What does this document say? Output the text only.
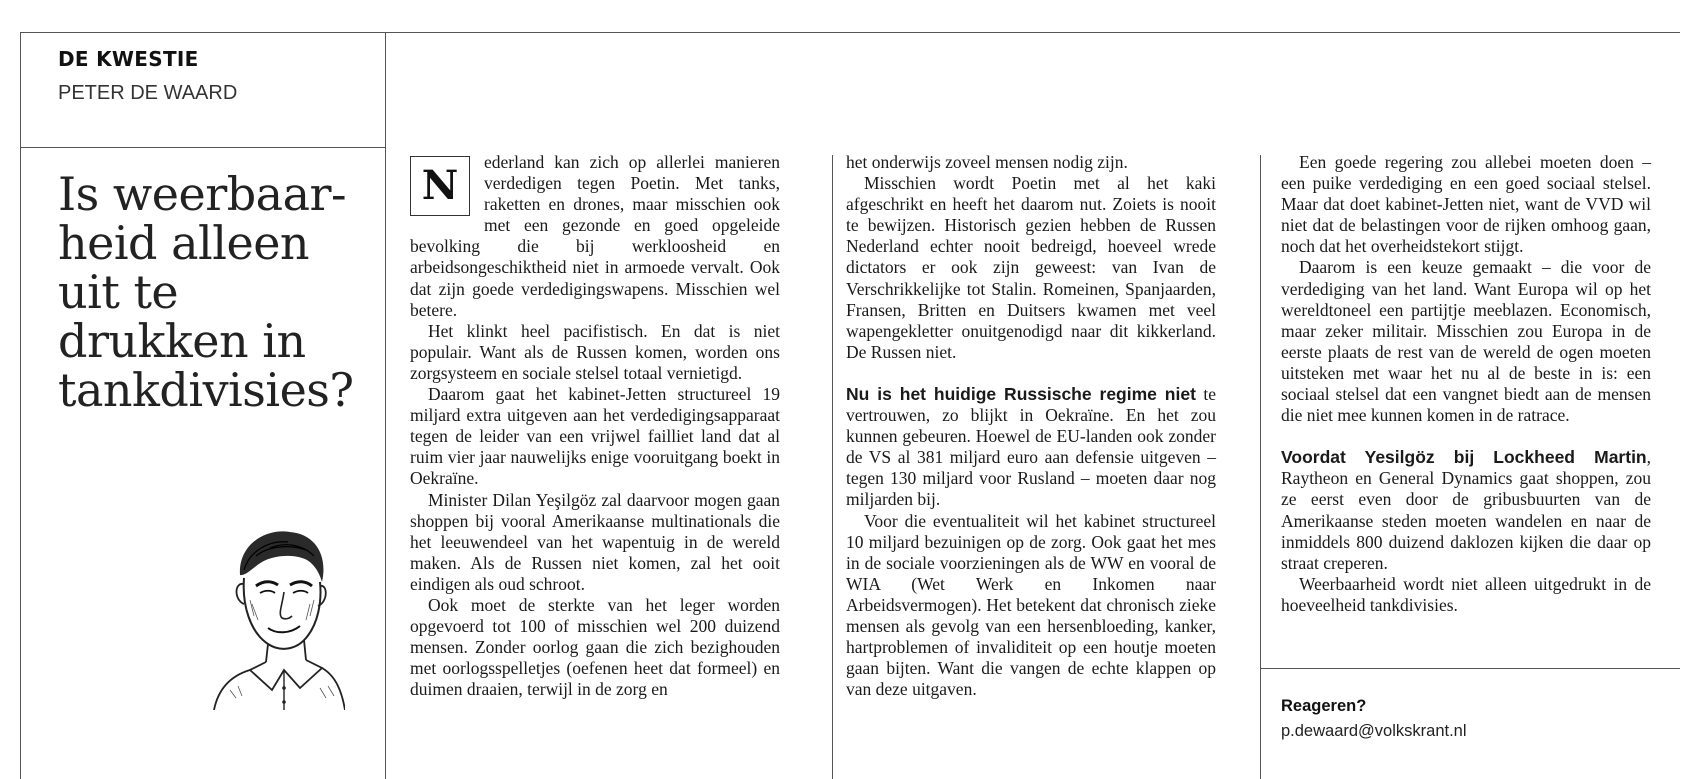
DE KWESTIE
PETER DE WAARD
Is weerbaar-heid alleen uit te drukken in tankdivisies?
N

ederland kan zich op allerlei manieren verdedigen tegen Poetin. Met tanks, raketten en drones, maar misschien ook met een gezonde en goed opgeleide bevolking die bij werkloosheid en arbeidsongeschiktheid niet in armoede vervalt. Ook dat zijn goede verdedigingswapens. Misschien wel betere.

Het klinkt heel pacifistisch. En dat is niet populair. Want als de Russen komen, worden ons zorgsysteem en sociale stelsel totaal vernietigd.

Daarom gaat het kabinet-Jetten structureel 19 miljard extra uitgeven aan het verdedigingsapparaat tegen de leider van een vrijwel failliet land dat al ruim vier jaar nauwelijks enige vooruitgang boekt in Oekraïne.

Minister Dilan Yeşilgöz zal daarvoor mogen gaan shoppen bij vooral Amerikaanse multinationals die het leeuwendeel van het wapentuig in de wereld maken. Als de Russen niet komen, zal het ooit eindigen als oud schroot.

Ook moet de sterkte van het leger worden opgevoerd tot 100 of misschien wel 200 duizend mensen. Zonder oorlog gaan die zich bezighouden met oorlogsspelletjes (oefenen heet dat formeel) en duimen draaien, terwijl in de zorg en

het onderwijs zoveel mensen nodig zijn.

Misschien wordt Poetin met al het kaki afgeschrikt en heeft het daarom nut. Zoiets is nooit te bewijzen. Historisch gezien hebben de Russen Nederland echter nooit bedreigd, hoeveel wrede dictators er ook zijn geweest: van Ivan de Verschrikkelijke tot Stalin. Romeinen, Spanjaarden, Fransen, Britten en Duitsers kwamen met veel wapengekletter onuitgenodigd naar dit kikkerland. De Russen niet.

Nu is het huidige Russische regime niet te vertrouwen, zo blijkt in Oekraïne. En het zou kunnen gebeuren. Hoewel de EU-landen ook zonder de VS al 381 miljard euro aan defensie uitgeven – tegen 130 miljard voor Rusland – moeten daar nog miljarden bij.

Voor die eventualiteit wil het kabinet structureel 10 miljard bezuinigen op de zorg. Ook gaat het mes in de sociale voorzieningen als de WW en vooral de WIA (Wet Werk en Inkomen naar Arbeidsvermogen). Het betekent dat chronisch zieke mensen als gevolg van een hersenbloeding, kanker, hartproblemen of invaliditeit op een houtje moeten gaan bijten. Want die vangen de echte klappen op van deze uitgaven.

Een goede regering zou allebei moeten doen – een puike verdediging en een goed sociaal stelsel. Maar dat doet kabinet-Jetten niet, want de VVD wil niet dat de belastingen voor de rijken omhoog gaan, noch dat het overheidstekort stijgt.

Daarom is een keuze gemaakt – die voor de verdediging van het land. Want Europa wil op het wereldtoneel een partijtje meeblazen. Economisch, maar zeker militair. Misschien zou Europa in de eerste plaats de rest van de wereld de ogen moeten uitsteken met waar het nu al de beste in is: een sociaal stelsel dat een vangnet biedt aan de mensen die niet mee kunnen komen in de ratrace.

Voordat Yesilgöz bij Lockheed Martin, Raytheon en General Dynamics gaat shoppen, zou ze eerst even door de gribusbuurten van de Amerikaanse steden moeten wandelen en naar de inmiddels 800 duizend daklozen kijken die daar op straat creperen.

Weerbaarheid wordt niet alleen uitgedrukt in de hoeveelheid tankdivisies.

Reageren?
p.dewaard@volkskrant.nl
